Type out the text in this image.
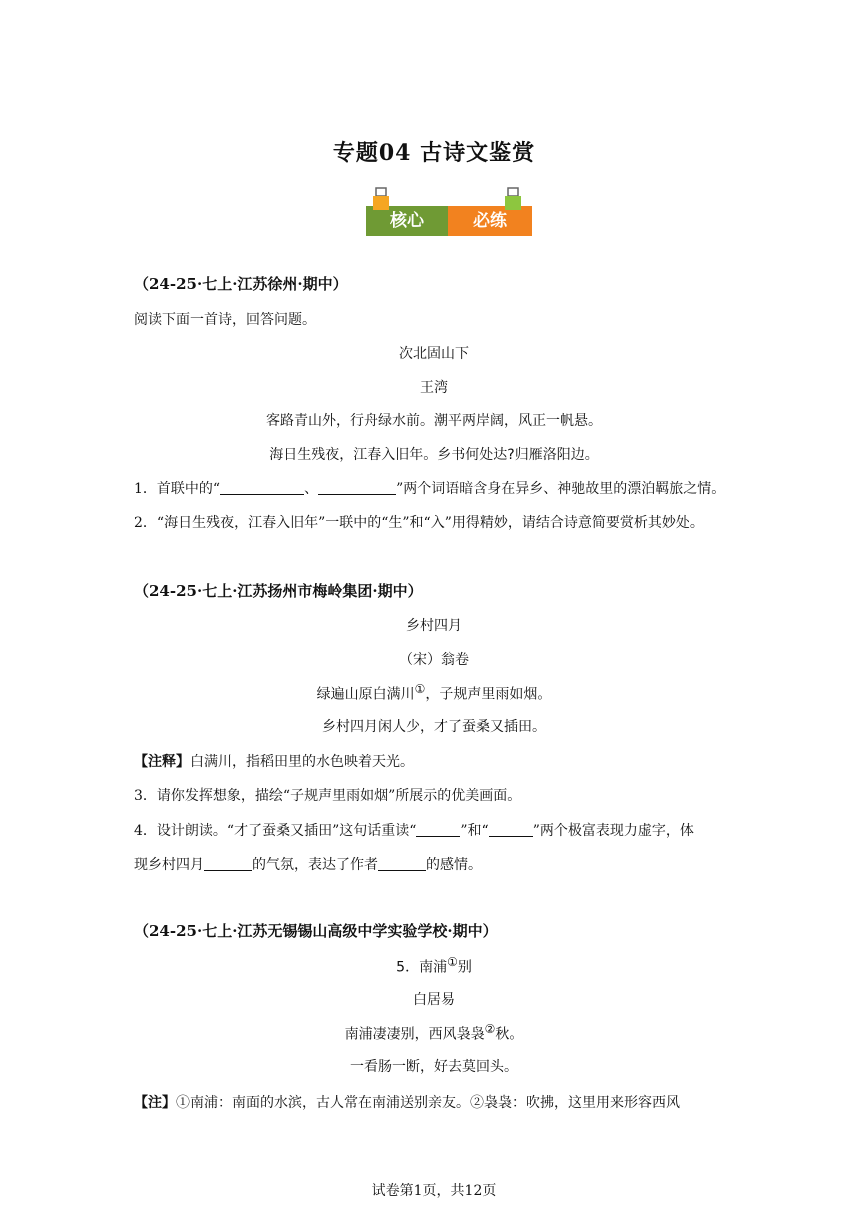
专题04 古诗文鉴赏
核心	必练
（24-25·七上·江苏徐州·期中）
阅读下面一首诗，回答问题。
次北固山下
王湾
客路青山外，行舟绿水前。潮平两岸阔，风正一帆悬。
海日生残夜，江春入旧年。乡书何处达?归雁洛阳边。
1．首联中的“	、	”两个词语暗含身在异乡、神驰故里的漂泊羁旅之情。
2．“海日生残夜，江春入旧年”一联中的“生”和“入”用得精妙，请结合诗意简要赏析其妙处。
（24-25·七上·江苏扬州市梅岭集团·期中）
乡村四月
（宋）翁卷
绿遍山原白满川①，子规声里雨如烟。
乡村四月闲人少，才了蚕桑又插田。
【注释】白满川，指稻田里的水色映着天光。
3．请你发挥想象，描绘“子规声里雨如烟”所展示的优美画面。
4．设计朗读。“才了蚕桑又插田”这句话重读“	”和“	”两个极富表现力虚字，体
现乡村四月	的气氛，表达了作者	的感情。
（24-25·七上·江苏无锡锡山高级中学实验学校·期中）
5．南浦①别
白居易
南浦凄凄别，西风袅袅②秋。
一看肠一断，好去莫回头。
【注】①南浦：南面的水滨，古人常在南浦送别亲友。②袅袅：吹拂，这里用来形容西风
试卷第1页，共12页
